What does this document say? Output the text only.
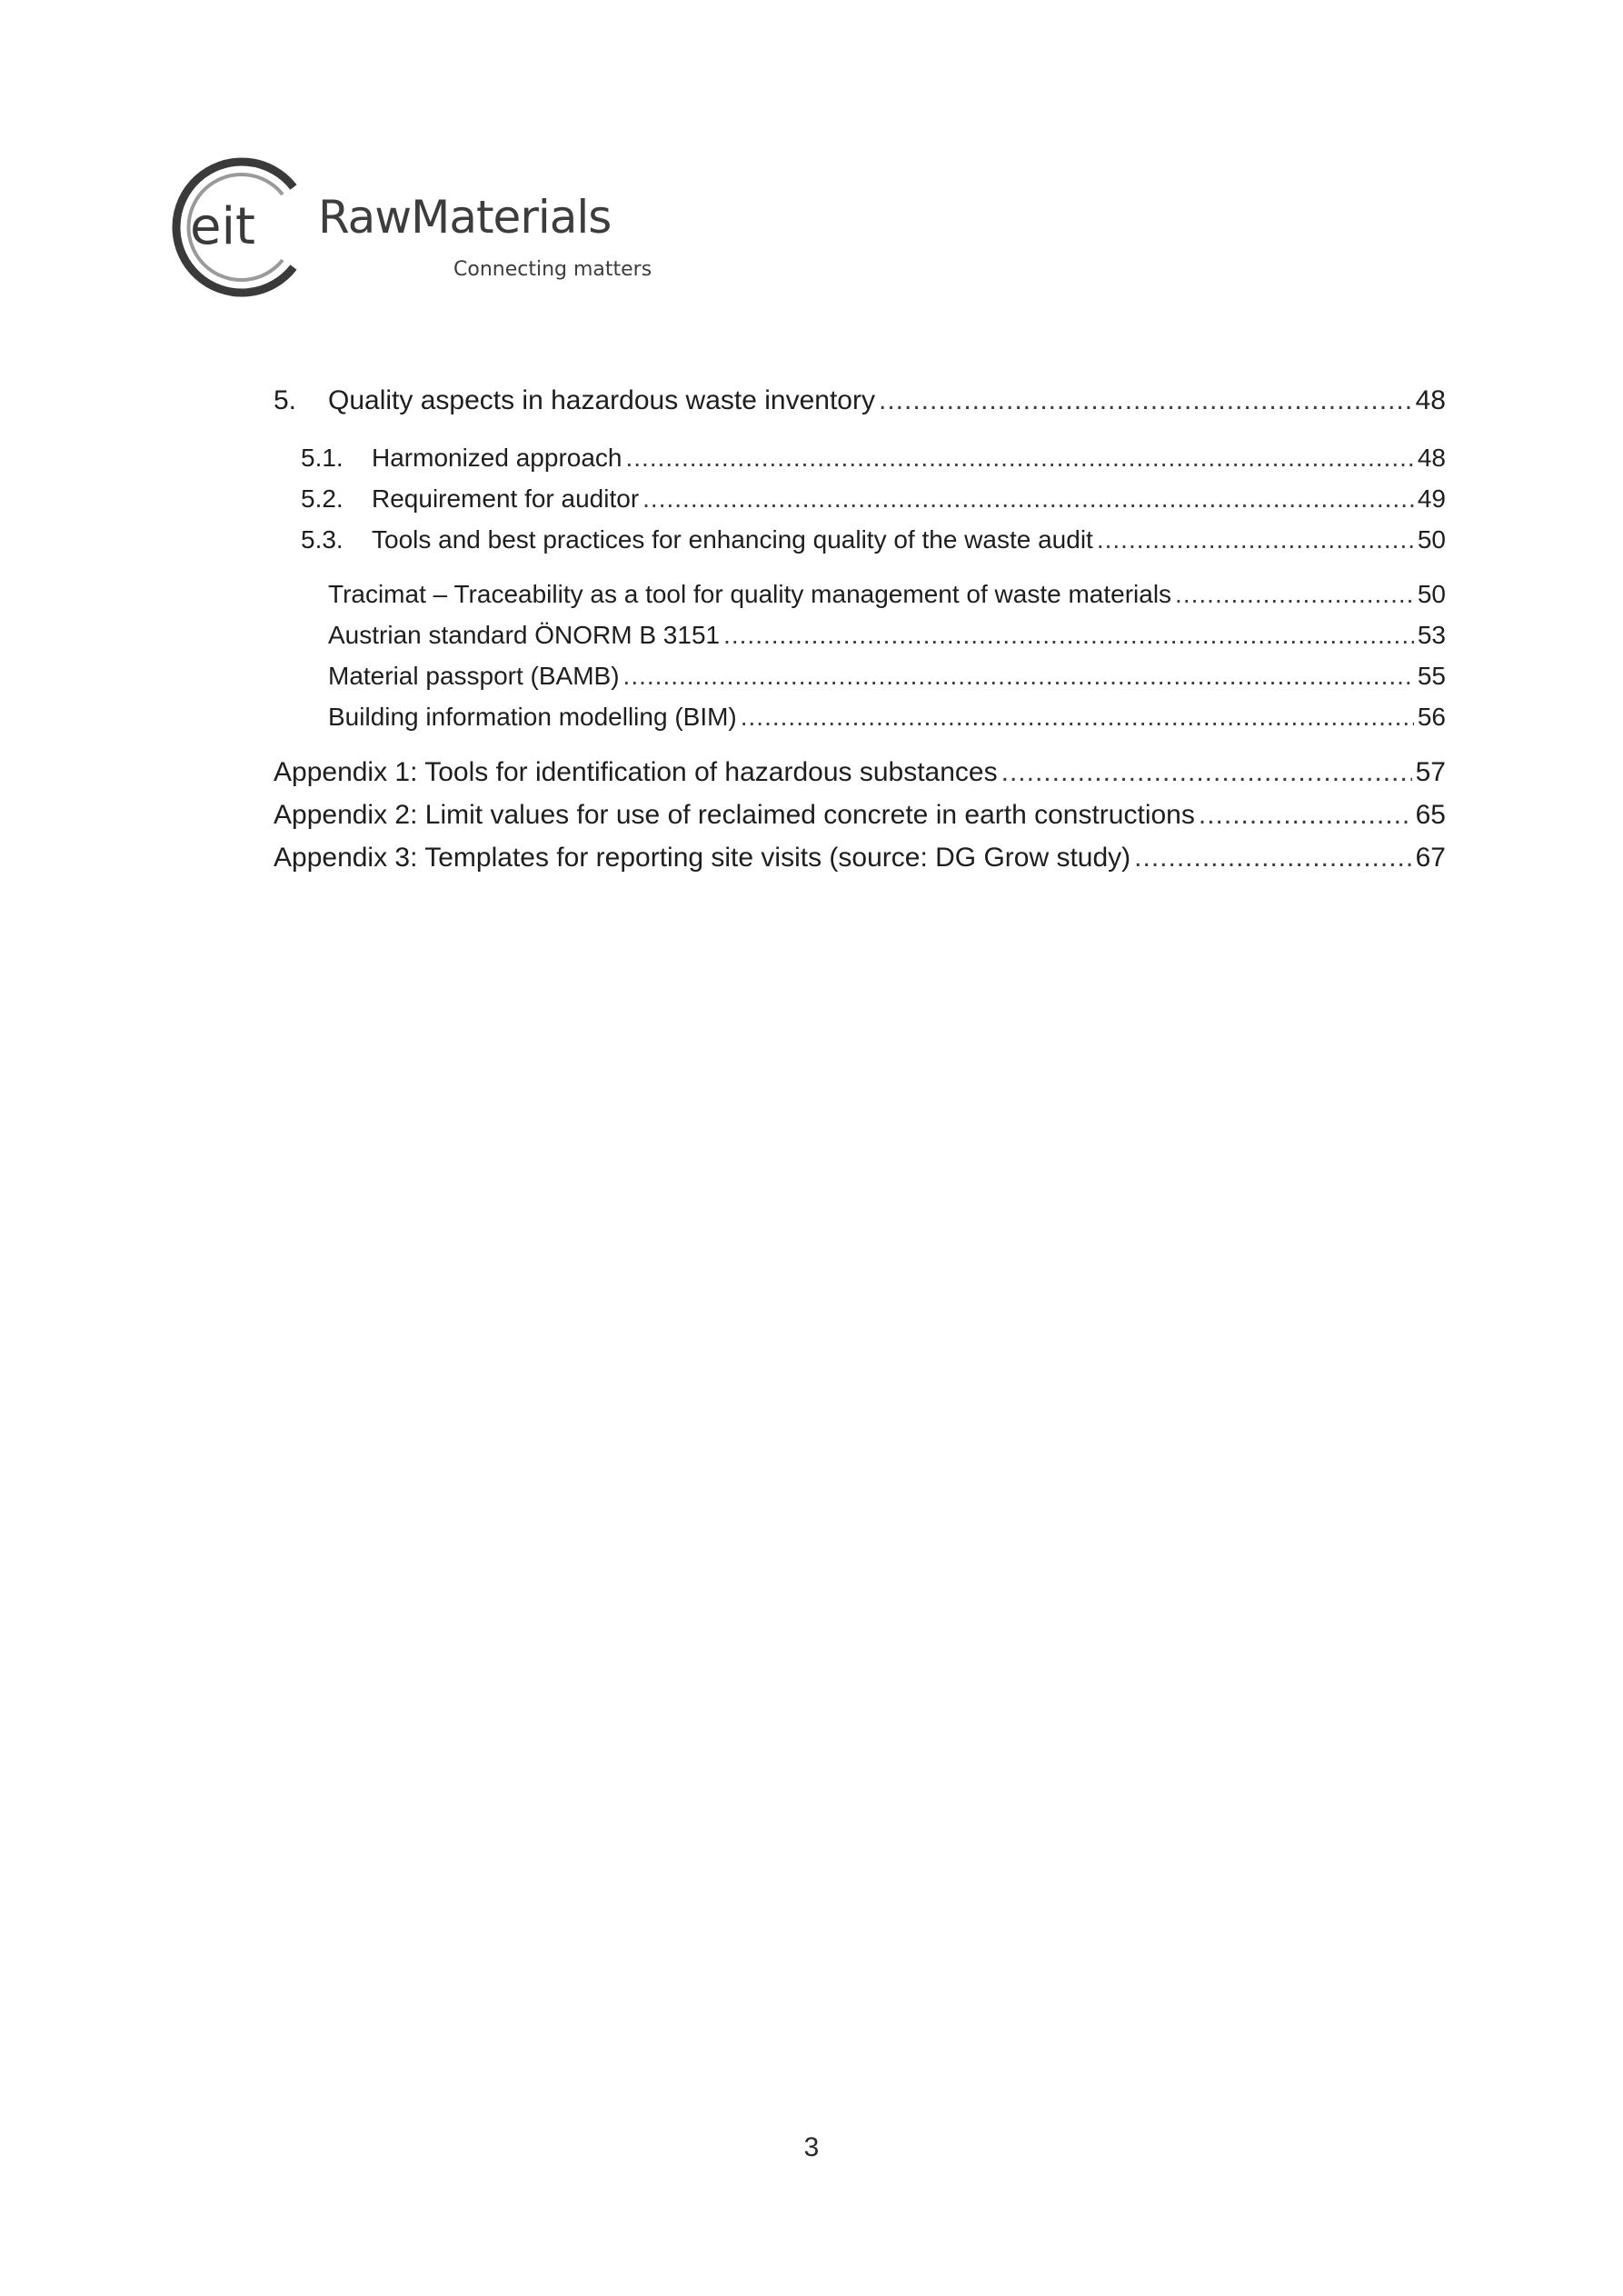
eit RawMaterials
Connecting matters
5.	Quality aspects in hazardous waste inventory .....	48
5.1.	Harmonized approach .....	48
5.2.	Requirement for auditor .....	49
5.3.	Tools and best practices for enhancing quality of the waste audit .....	50
Tracimat – Traceability as a tool for quality management of waste materials .....	50
Austrian standard ÖNORM B 3151 .....	53
Material passport (BAMB) .....	55
Building information modelling (BIM) .....	56
Appendix 1: Tools for identification of hazardous substances .....	57
Appendix 2: Limit values for use of reclaimed concrete in earth constructions .....	65
Appendix 3: Templates for reporting site visits (source: DG Grow study) .....	67
3
